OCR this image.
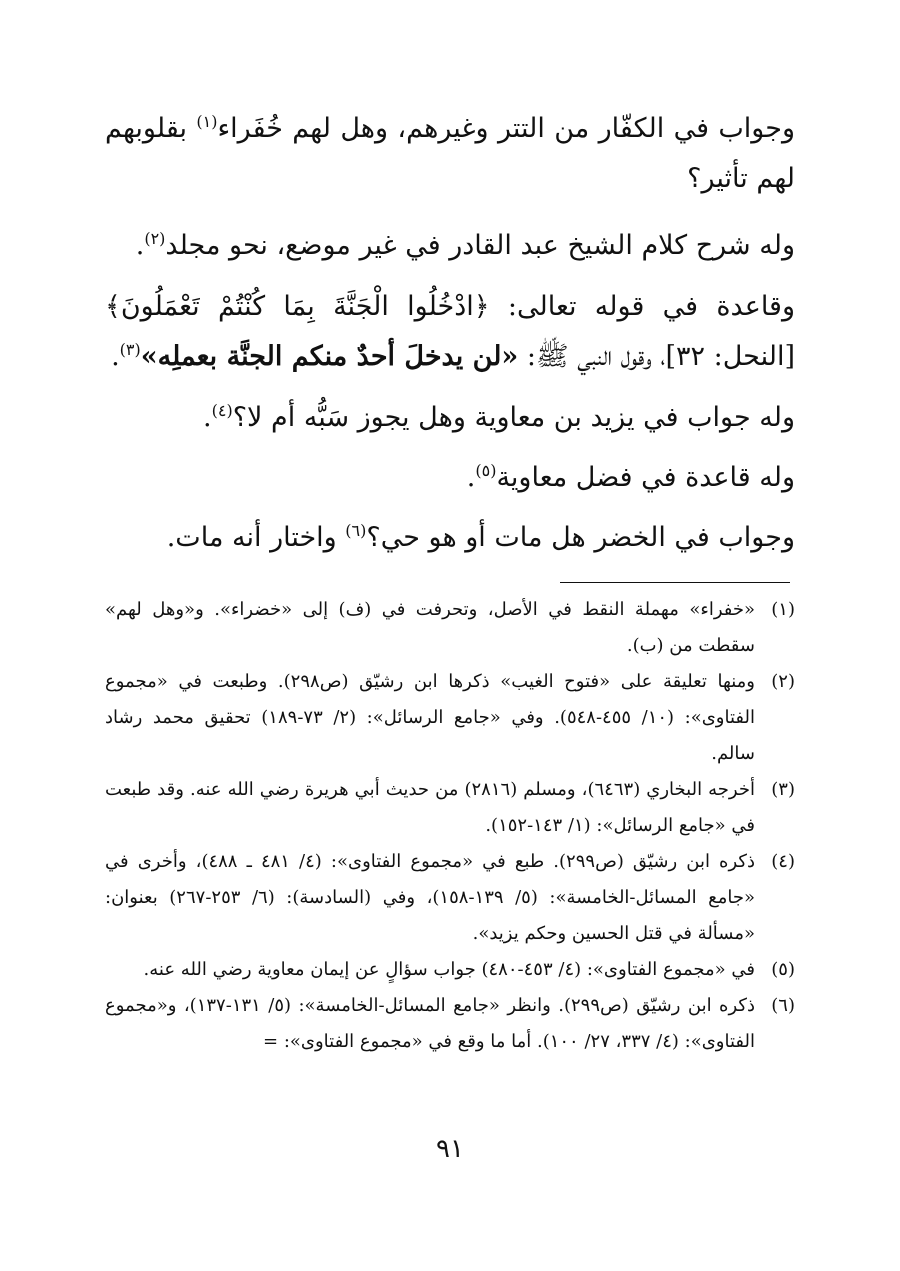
وجواب في الكفّار من التتر وغيرهم، وهل لهم خُفَراء$^{(١)}$ بقلوبهم لهم تأثير؟

وله شرح كلام الشيخ عبد القادر في غير موضع، نحو مجلد$^{(٢)}$.

وقاعدة في قوله تعالى: ﴿ادْخُلُوا الْجَنَّةَ بِمَا كُنْتُمْ تَعْمَلُونَ﴾ [النحل: ٣٢]، وقول النبي ﷺ: «لن يدخلَ أحدٌ منكم الجنَّة بعملِه»$^{(٣)}$.

وله جواب في يزيد بن معاوية وهل يجوز سَبُّه أم لا؟$^{(٤)}$.

وله قاعدة في فضل معاوية$^{(٥)}$.

وجواب في الخضر هل مات أو هو حي؟$^{(٦)}$ واختار أنه مات.

(١)
«خفراء» مهملة النقط في الأصل، وتحرفت في (ف) إلى «خضراء». و«وهل لهم» سقطت من (ب).
(٢)
ومنها تعليقة على «فتوح الغيب» ذكرها ابن رشيّق (ص٢٩٨). وطبعت في «مجموع الفتاوى»: (١٠/ ٤٥٥-٥٤٨). وفي «جامع الرسائل»: (٢/ ٧٣-١٨٩) تحقيق محمد رشاد سالم.
(٣)
أخرجه البخاري (٦٤٦٣)، ومسلم (٢٨١٦) من حديث أبي هريرة رضي الله عنه. وقد طبعت في «جامع الرسائل»: (١/ ١٤٣-١٥٢).
(٤)
ذكره ابن رشيّق (ص٢٩٩). طبع في «مجموع الفتاوى»: (٤/ ٤٨١ ـ ٤٨٨)، وأخرى في «جامع المسائل-الخامسة»: (٥/ ١٣٩-١٥٨)، وفي (السادسة): (٦/ ٢٥٣-٢٦٧) بعنوان: «مسألة في قتل الحسين وحكم يزيد».
(٥)
في «مجموع الفتاوى»: (٤/ ٤٥٣-٤٨٠) جواب سؤالٍ عن إيمان معاوية رضي الله عنه.
(٦)
ذكره ابن رشيّق (ص٢٩٩). وانظر «جامع المسائل-الخامسة»: (٥/ ١٣١-١٣٧)، و«مجموع الفتاوى»: (٤/ ٣٣٧، ٢٧/ ١٠٠). أما ما وقع في «مجموع الفتاوى»: =
٩١
